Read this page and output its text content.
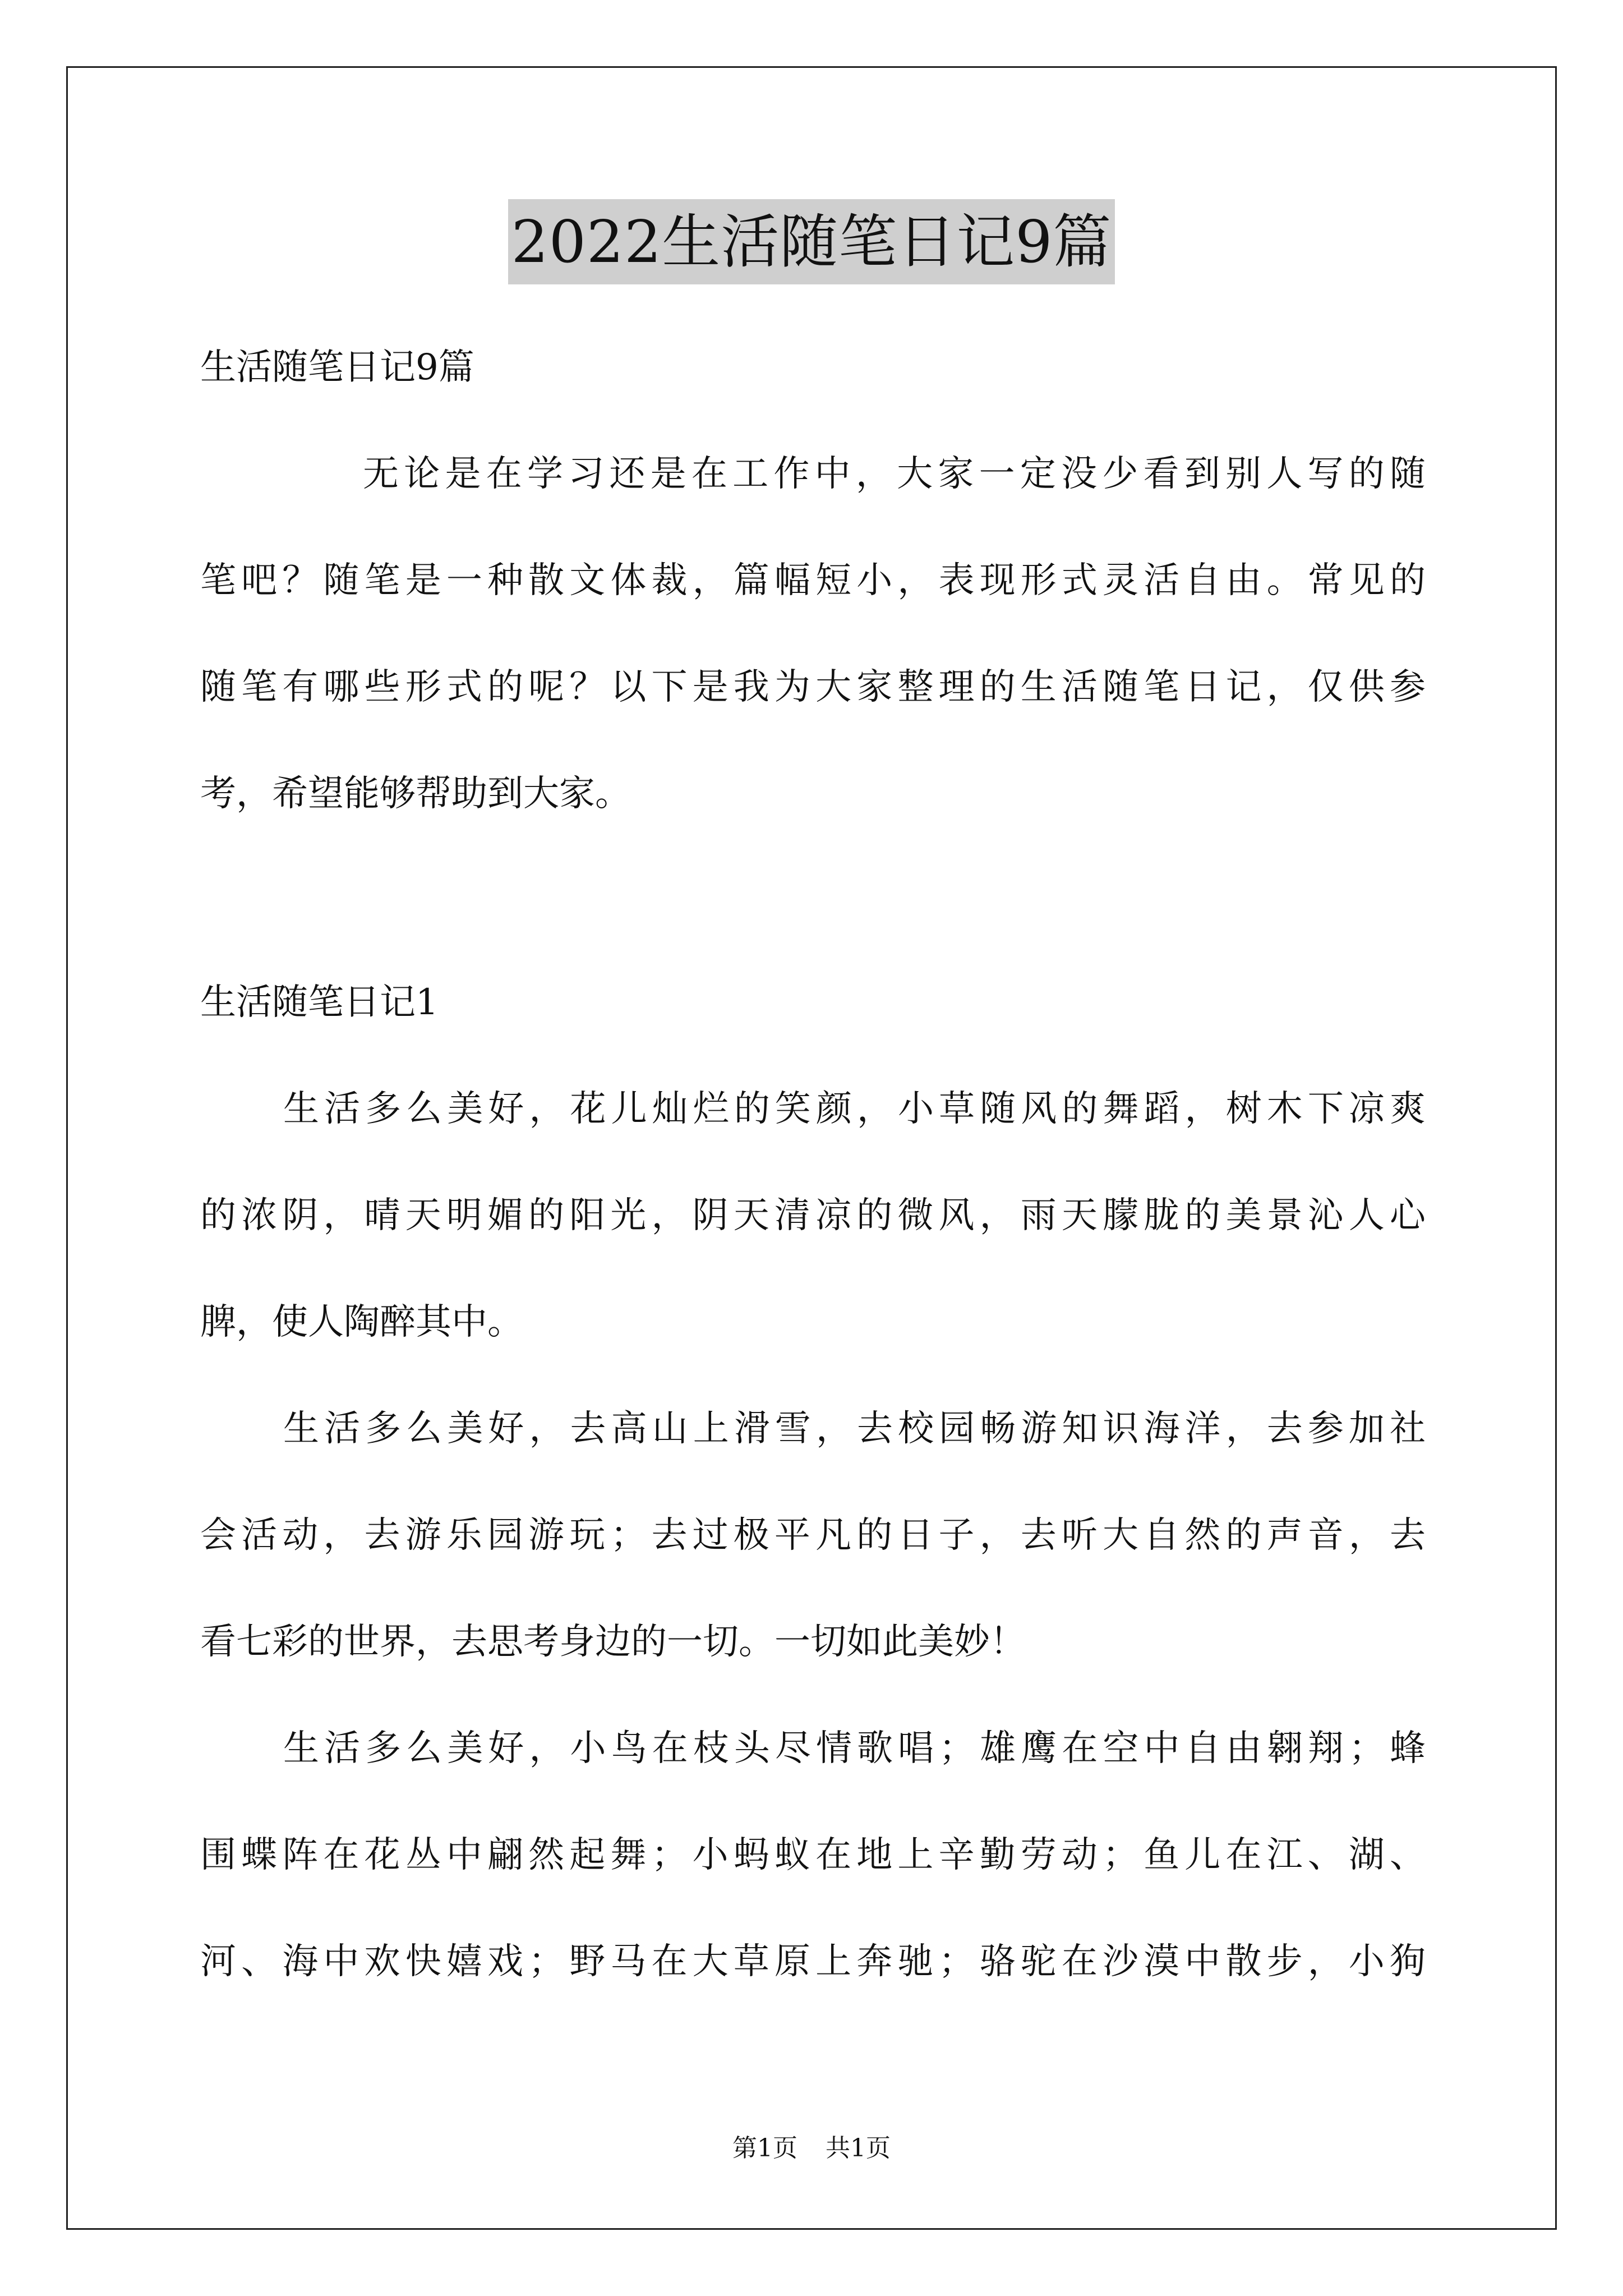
2022生活随笔日记9篇
生活随笔日记9篇
无论是在学习还是在工作中，大家一定没少看到别人写的随
笔吧？随笔是一种散文体裁，篇幅短小，表现形式灵活自由。常见的
随笔有哪些形式的呢？以下是我为大家整理的生活随笔日记，仅供参
考，希望能够帮助到大家。
生活随笔日记1
生活多么美好，花儿灿烂的笑颜，小草随风的舞蹈，树木下凉爽
的浓阴，晴天明媚的阳光，阴天清凉的微风，雨天朦胧的美景沁人心
脾，使人陶醉其中。
生活多么美好，去高山上滑雪，去校园畅游知识海洋，去参加社
会活动，去游乐园游玩；去过极平凡的日子，去听大自然的声音，去
看七彩的世界，去思考身边的一切。一切如此美妙！
生活多么美好，小鸟在枝头尽情歌唱；雄鹰在空中自由翱翔；蜂
围蝶阵在花丛中翩然起舞；小蚂蚁在地上辛勤劳动；鱼儿在江、湖、
河、海中欢快嬉戏；野马在大草原上奔驰；骆驼在沙漠中散步，小狗
第1页 共1页
